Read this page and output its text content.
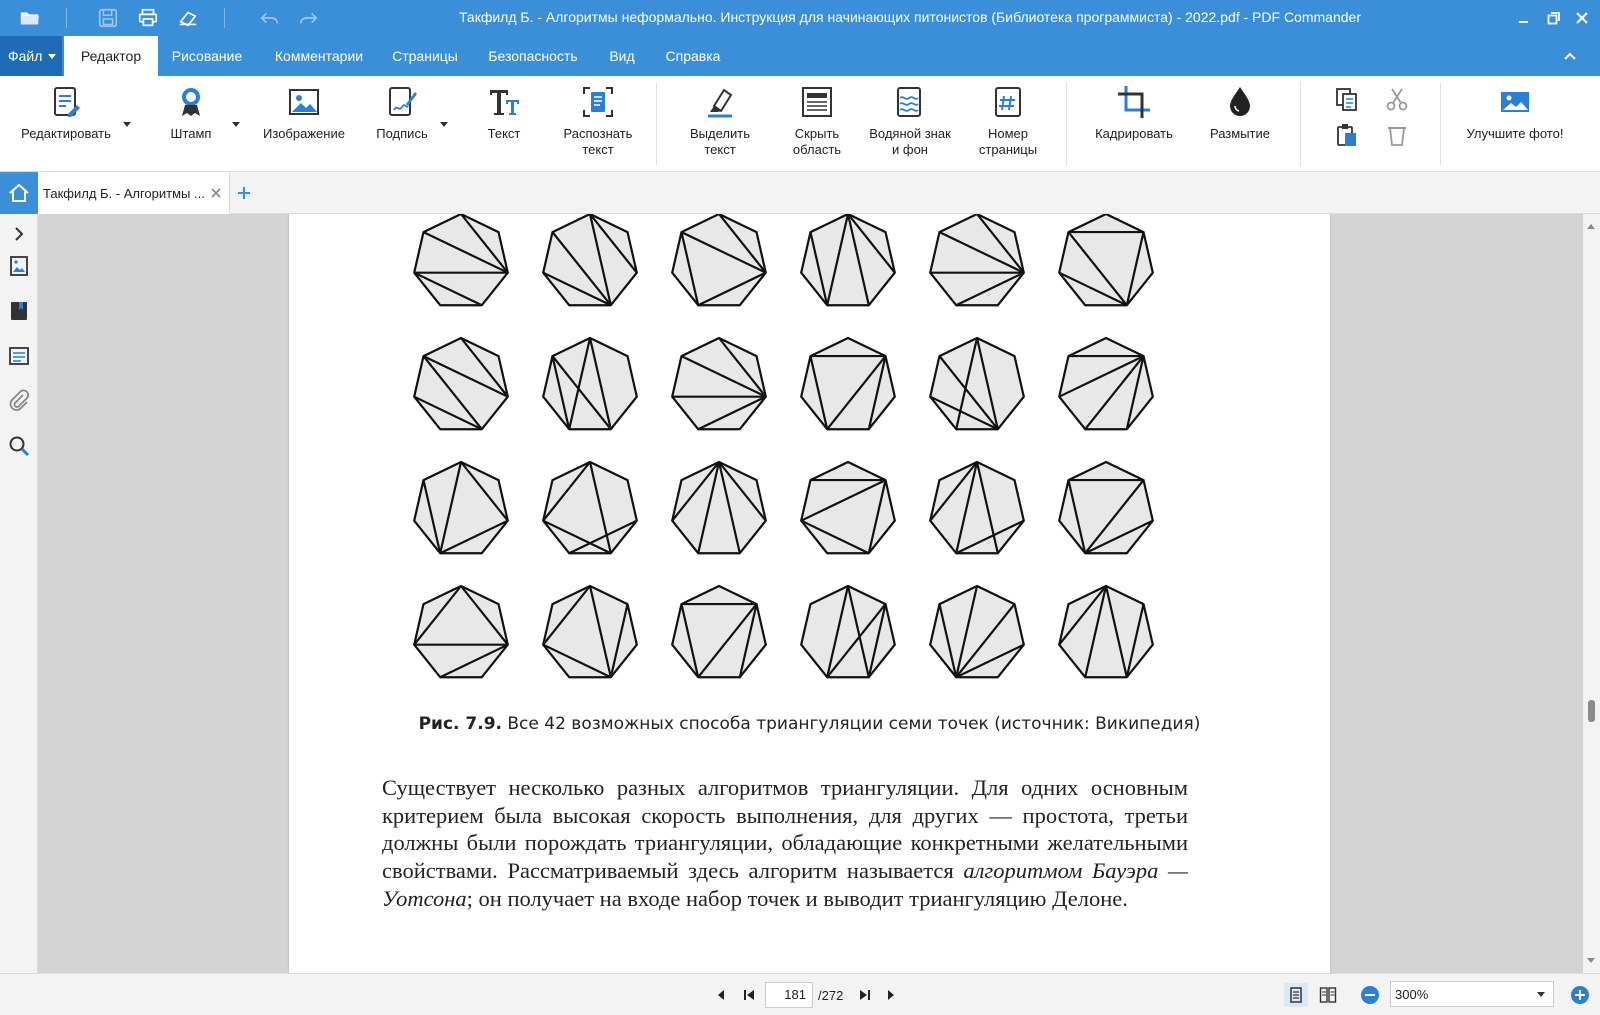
Такфилд Б. - Алгоритмы неформально. Инструкция для начинающих питонистов (Библиотека программиста) - 2022.pdf - PDF Commander
Файл	Редактор	Рисование	Комментарии	Страницы	Безопасность	Вид	Справка
Редактировать	Штамп	Изображение Подпись	Текст	Распознать
текст
Выделить
текст
Скрыть
область
Водяной знак
и фон
Номер
страницы
Кадрировать	Размытие	Улучшите фото!
Такфилд Б. - Алгоритмы ...
Рис. 7.9. Все 42 возможных способа триангуляции семи точек (источник: Википедия)
Существует несколько разных алгоритмов триангуляции. Для одних основным критерием была высокая скорость выполнения, для других — простота, третьи должны были порождать триангуляции, обладающие конкретными желательными свойствами. Рассматриваемый здесь алгоритм называется алгоритмом Бауэра — Уотсона; он получает на входе набор точек и выводит триангуляцию Делоне.
181 /272	300%
